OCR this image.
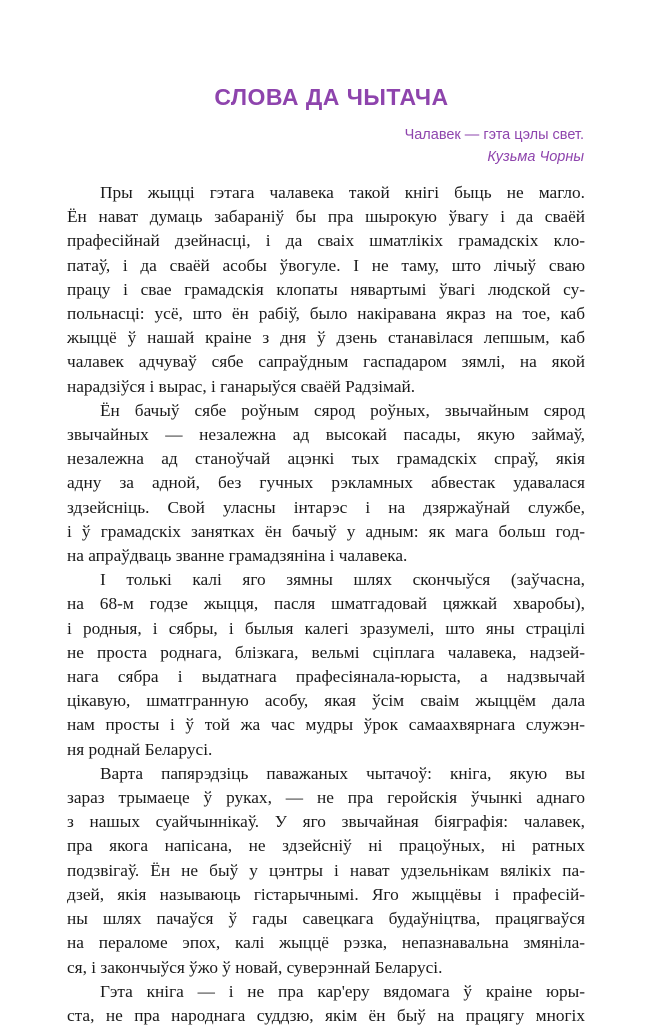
СЛОВА ДА ЧЫТАЧА
Чалавек — гэта цэлы свет.
Кузьма Чорны
Пры жыцці гэтага чалавека такой кнігі быць не магло.
Ён нават думаць забараніў бы пра шырокую ўвагу і да сваёй
прафесійнай дзейнасці, і да сваіх шматлікіх грамадскіх кло-
патаў, і да сваёй асобы ўвогуле. І не таму, што лічыў сваю
працу і свае грамадскія клопаты нявартымі ўвагі людской су-
польнасці: усё, што ён рабіў, было накіравана якраз на тое, каб
жыццё ў нашай краіне з дня ў дзень станавілася лепшым, каб
чалавек адчуваў сябе сапраўдным гаспадаром зямлі, на якой
нарадзіўся і вырас, і ганарыўся сваёй Радзімай.
Ён бачыў сябе роўным сярод роўных, звычайным сярод
звычайных — незалежна ад высокай пасады, якую займаў,
незалежна ад станоўчай ацэнкі тых грамадскіх спраў, якія
адну за адной, без гучных рэкламных абвестак удавалася
здзейсніць. Свой уласны інтарэс і на дзяржаўнай службе,
і ў грамадскіх занятках ён бачыў у адным: як мага больш год-
на апраўдваць званне грамадзяніна і чалавека.
І толькі калі яго зямны шлях скончыўся (заўчасна,
на 68-м годзе жыцця, пасля шматгадовай цяжкай хваробы),
і родныя, і сябры, і былыя калегі зразумелі, што яны страцілі
не проста роднага, блізкага, вельмі сціплага чалавека, надзей-
нага сябра і выдатнага прафесіянала-юрыста, а надзвычай
цікавую, шматгранную асобу, якая ўсім сваім жыццём дала
нам просты і ў той жа час мудры ўрок самаахвярнага служэн-
ня роднай Беларусі.
Варта папярэдзіць паважаных чытачоў: кніга, якую вы
зараз трымаеце ў руках, — не пра геройскія ўчынкі аднаго
з нашых суайчыннікаў. У яго звычайная біяграфія: чалавек,
пра якога напісана, не здзейсніў ні працоўных, ні ратных
подзвігаў. Ён не быў у цэнтры і нават удзельнікам вялікіх па-
дзей, якія называюць гістарычнымі. Яго жыццёвы і прафесій-
ны шлях пачаўся ў гады савецкага будаўніцтва, працягваўся
на пераломе эпох, калі жыццё рэзка, непазнавальна змянiла-
ся, і закончыўся ўжо ў новай, суверэннай Беларусі.
Гэта кніга — і не пра кар'еру вядомага ў краіне юры-
ста, не пра народнага суддзю, якім ён быў на працягу многіх
